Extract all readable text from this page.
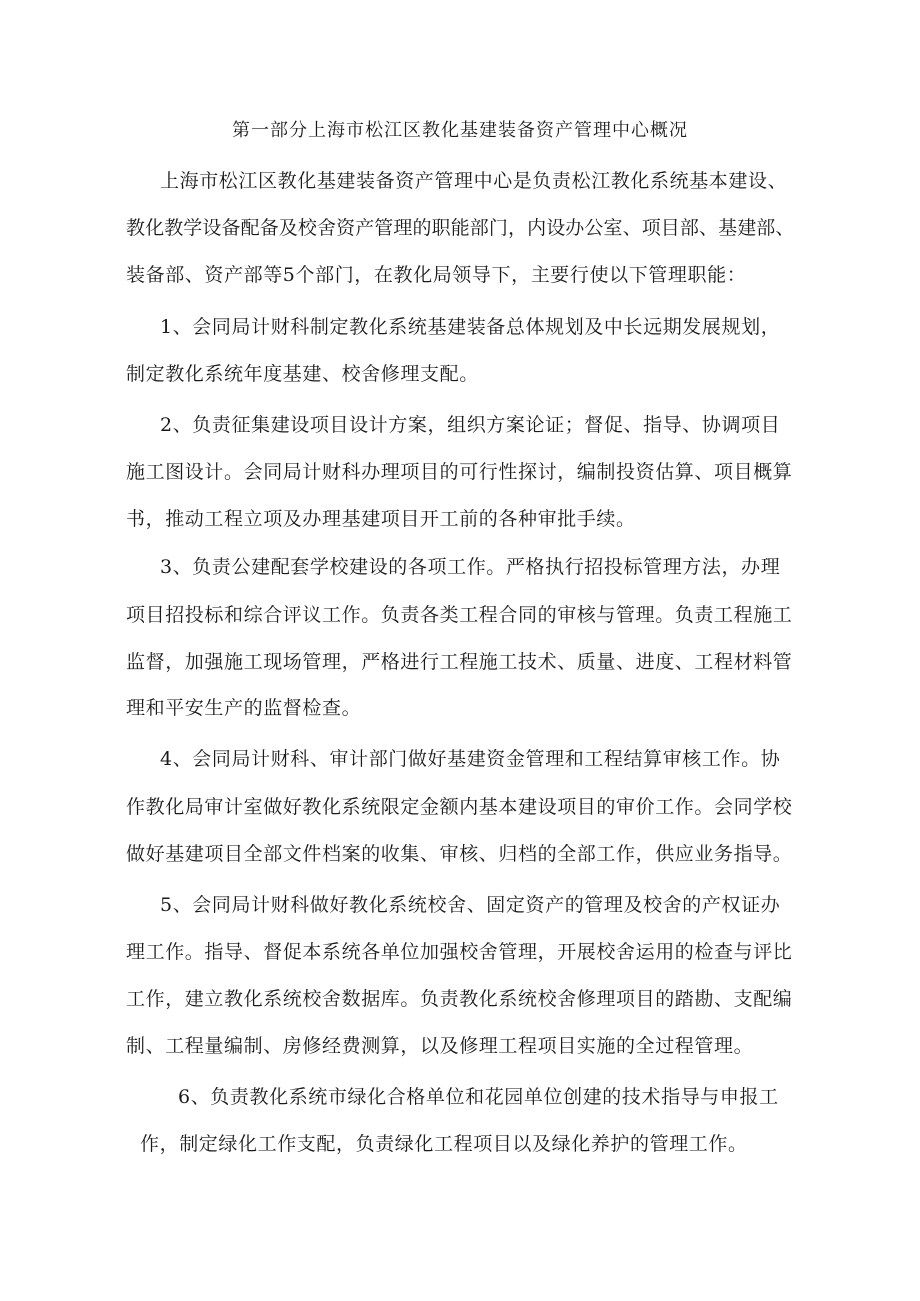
第一部分上海市松江区教化基建装备资产管理中心概况
上海市松江区教化基建装备资产管理中心是负责松江教化系统基本建设、
教化教学设备配备及校舍资产管理的职能部门，内设办公室、项目部、基建部、
装备部、资产部等5个部门，在教化局领导下，主要行使以下管理职能：
1、会同局计财科制定教化系统基建装备总体规划及中长远期发展规划，
制定教化系统年度基建、校舍修理支配。
2、负责征集建设项目设计方案，组织方案论证；督促、指导、协调项目
施工图设计。会同局计财科办理项目的可行性探讨，编制投资估算、项目概算
书，推动工程立项及办理基建项目开工前的各种审批手续。
3、负责公建配套学校建设的各项工作。严格执行招投标管理方法，办理
项目招投标和综合评议工作。负责各类工程合同的审核与管理。负责工程施工
监督，加强施工现场管理，严格进行工程施工技术、质量、进度、工程材料管
理和平安生产的监督检查。
4、会同局计财科、审计部门做好基建资金管理和工程结算审核工作。协
作教化局审计室做好教化系统限定金额内基本建设项目的审价工作。会同学校
做好基建项目全部文件档案的收集、审核、归档的全部工作，供应业务指导。
5、会同局计财科做好教化系统校舍、固定资产的管理及校舍的产权证办
理工作。指导、督促本系统各单位加强校舍管理，开展校舍运用的检查与评比
工作，建立教化系统校舍数据库。负责教化系统校舍修理项目的踏勘、支配编
制、工程量编制、房修经费测算，以及修理工程项目实施的全过程管理。
6、负责教化系统市绿化合格单位和花园单位创建的技术指导与申报工
作，制定绿化工作支配，负责绿化工程项目以及绿化养护的管理工作。
